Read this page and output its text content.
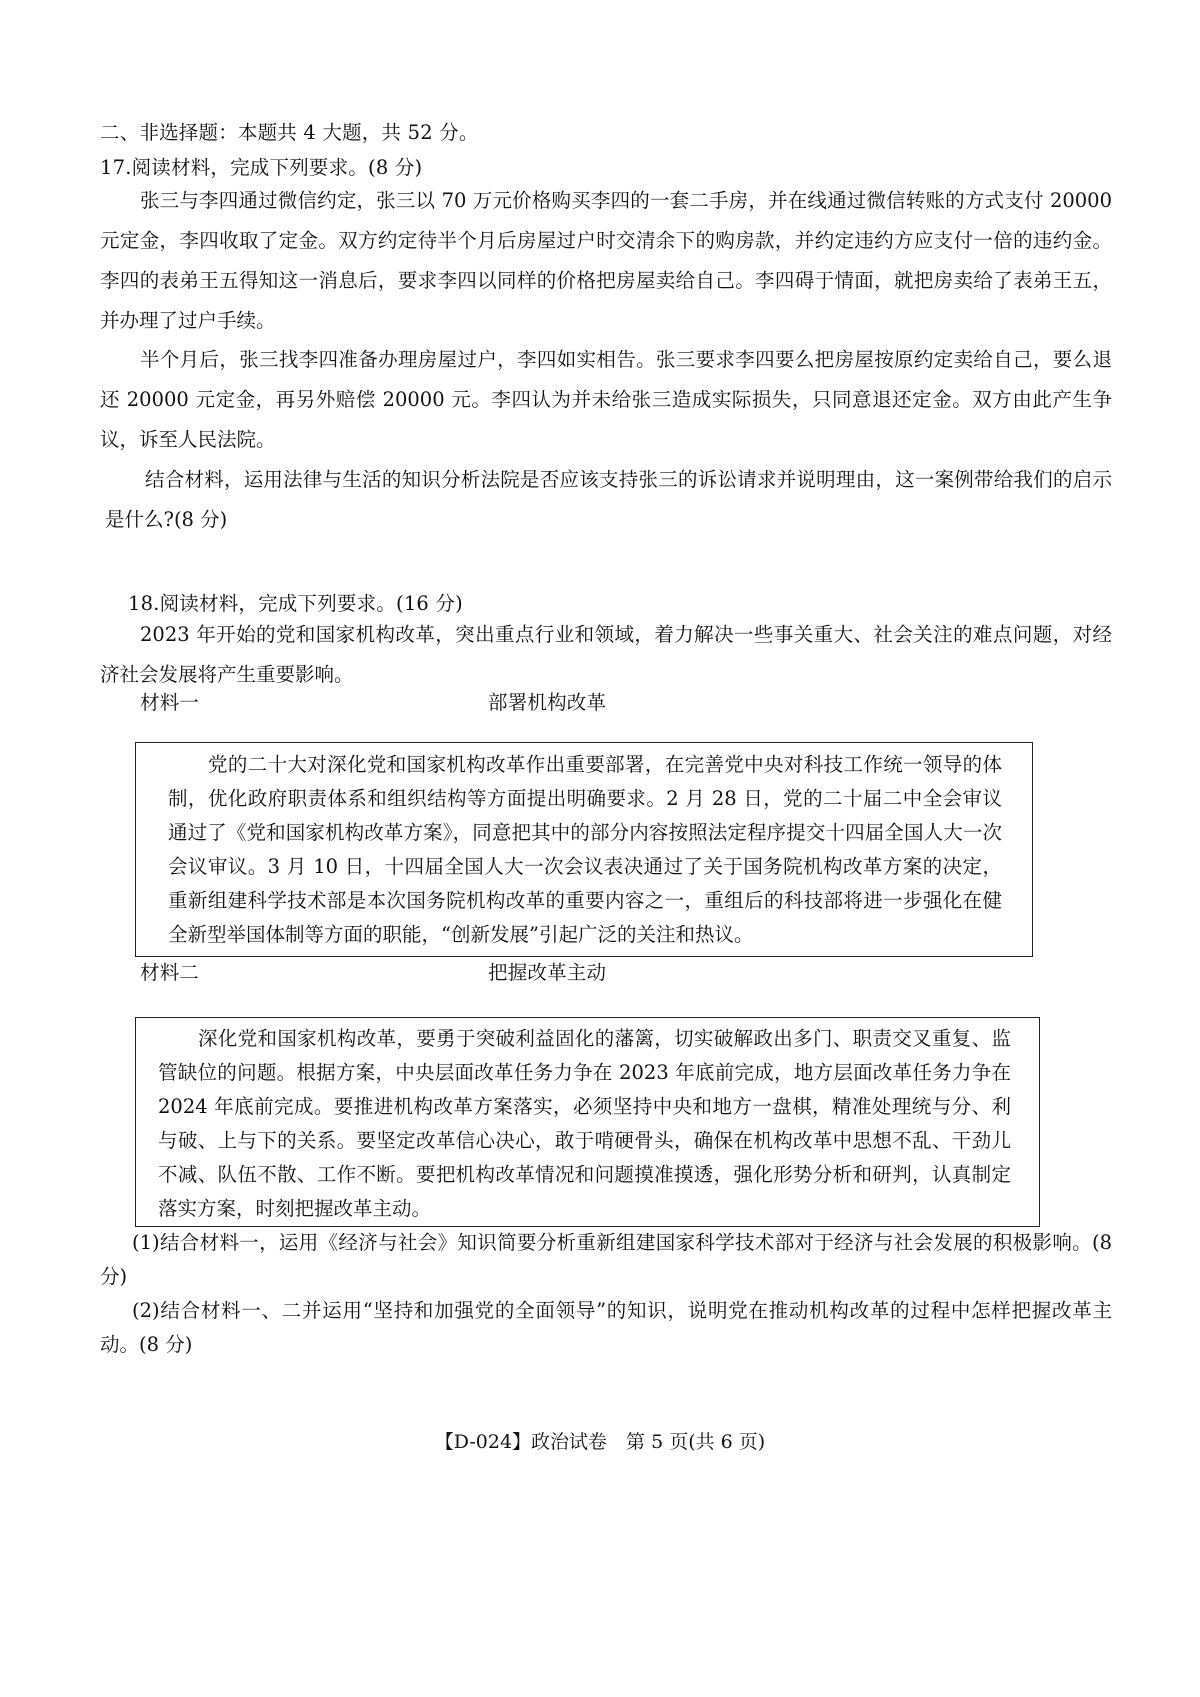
二、非选择题：本题共 4 大题，共 52 分。
17.阅读材料，完成下列要求。(8 分)

张三与李四通过微信约定，张三以 70 万元价格购买李四的一套二手房，并在线通过微信转账的方式支付 20000 元定金，李四收取了定金。双方约定待半个月后房屋过户时交清余下的购房款，并约定违约方应支付一倍的违约金。李四的表弟王五得知这一消息后，要求李四以同样的价格把房屋卖给自己。李四碍于情面，就把房卖给了表弟王五，并办理了过户手续。

半个月后，张三找李四准备办理房屋过户，李四如实相告。张三要求李四要么把房屋按原约定卖给自己，要么退还 20000 元定金，再另外赔偿 20000 元。李四认为并未给张三造成实际损失，只同意退还定金。双方由此产生争议，诉至人民法院。

结合材料，运用法律与生活的知识分析法院是否应该支持张三的诉讼请求并说明理由，这一案例带给我们的启示是什么?(8 分)

18.阅读材料，完成下列要求。(16 分)

2023 年开始的党和国家机构改革，突出重点行业和领域，着力解决一些事关重大、社会关注的难点问题，对经济社会发展将产生重要影响。

材料一	部署机构改革

党的二十大对深化党和国家机构改革作出重要部署，在完善党中央对科技工作统一领导的体制，优化政府职责体系和组织结构等方面提出明确要求。2 月 28 日，党的二十届二中全会审议通过了《党和国家机构改革方案》，同意把其中的部分内容按照法定程序提交十四届全国人大一次会议审议。3 月 10 日，十四届全国人大一次会议表决通过了关于国务院机构改革方案的决定，重新组建科学技术部是本次国务院机构改革的重要内容之一，重组后的科技部将进一步强化在健全新型举国体制等方面的职能，“创新发展”引起广泛的关注和热议。

材料二	把握改革主动

深化党和国家机构改革，要勇于突破利益固化的藩篱，切实破解政出多门、职责交叉重复、监管缺位的问题。根据方案，中央层面改革任务力争在 2023 年底前完成，地方层面改革任务力争在 2024 年底前完成。要推进机构改革方案落实，必须坚持中央和地方一盘棋，精准处理统与分、利与破、上与下的关系。要坚定改革信心决心，敢于啃硬骨头，确保在机构改革中思想不乱、干劲儿不减、队伍不散、工作不断。要把机构改革情况和问题摸准摸透，强化形势分析和研判，认真制定落实方案，时刻把握改革主动。

(1)结合材料一，运用《经济与社会》知识简要分析重新组建国家科学技术部对于经济与社会发展的积极影响。(8 分)

(2)结合材料一、二并运用“坚持和加强党的全面领导”的知识，说明党在推动机构改革的过程中怎样把握改革主动。(8 分)

【D-024】政治试卷　第 5 页(共 6 页)
